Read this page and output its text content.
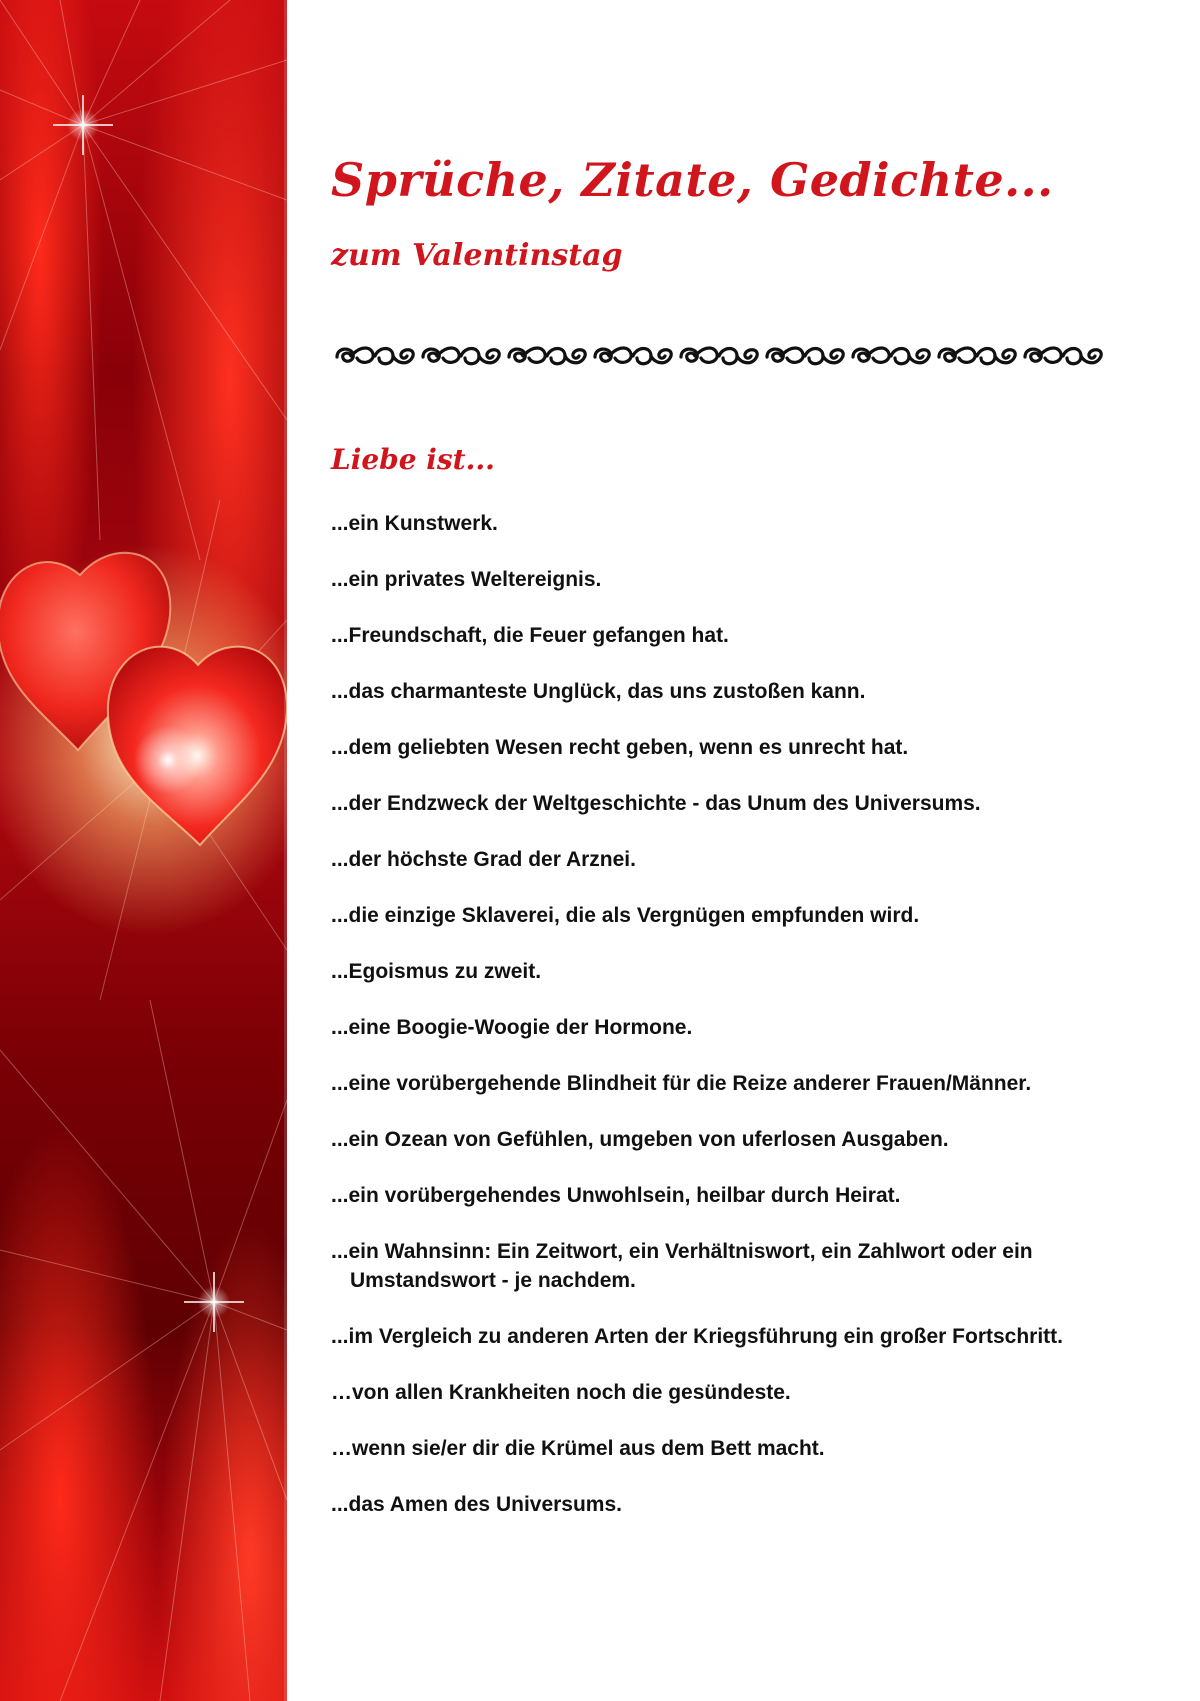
Sprüche, Zitate, Gedichte...
zum Valentinstag
Liebe ist...
...ein Kunstwerk.
...ein privates Weltereignis.
...Freundschaft, die Feuer gefangen hat.
...das charmanteste Unglück, das uns zustoßen kann.
...dem geliebten Wesen recht geben, wenn es unrecht hat.
...der Endzweck der Weltgeschichte - das Unum des Universums.
...der höchste Grad der Arznei.
...die einzige Sklaverei, die als Vergnügen empfunden wird.
...Egoismus zu zweit.
...eine Boogie-Woogie der Hormone.
...eine vorübergehende Blindheit für die Reize anderer Frauen/Männer.
...ein Ozean von Gefühlen, umgeben von uferlosen Ausgaben.
...ein vorübergehendes Unwohlsein, heilbar durch Heirat.
...ein Wahnsinn: Ein Zeitwort, ein Verhältniswort, ein Zahlwort oder ein Umstandswort - je nachdem.
...im Vergleich zu anderen Arten der Kriegsführung ein großer Fortschritt.
…von allen Krankheiten noch die gesündeste.
…wenn sie/er dir die Krümel aus dem Bett macht.
...das Amen des Universums.
